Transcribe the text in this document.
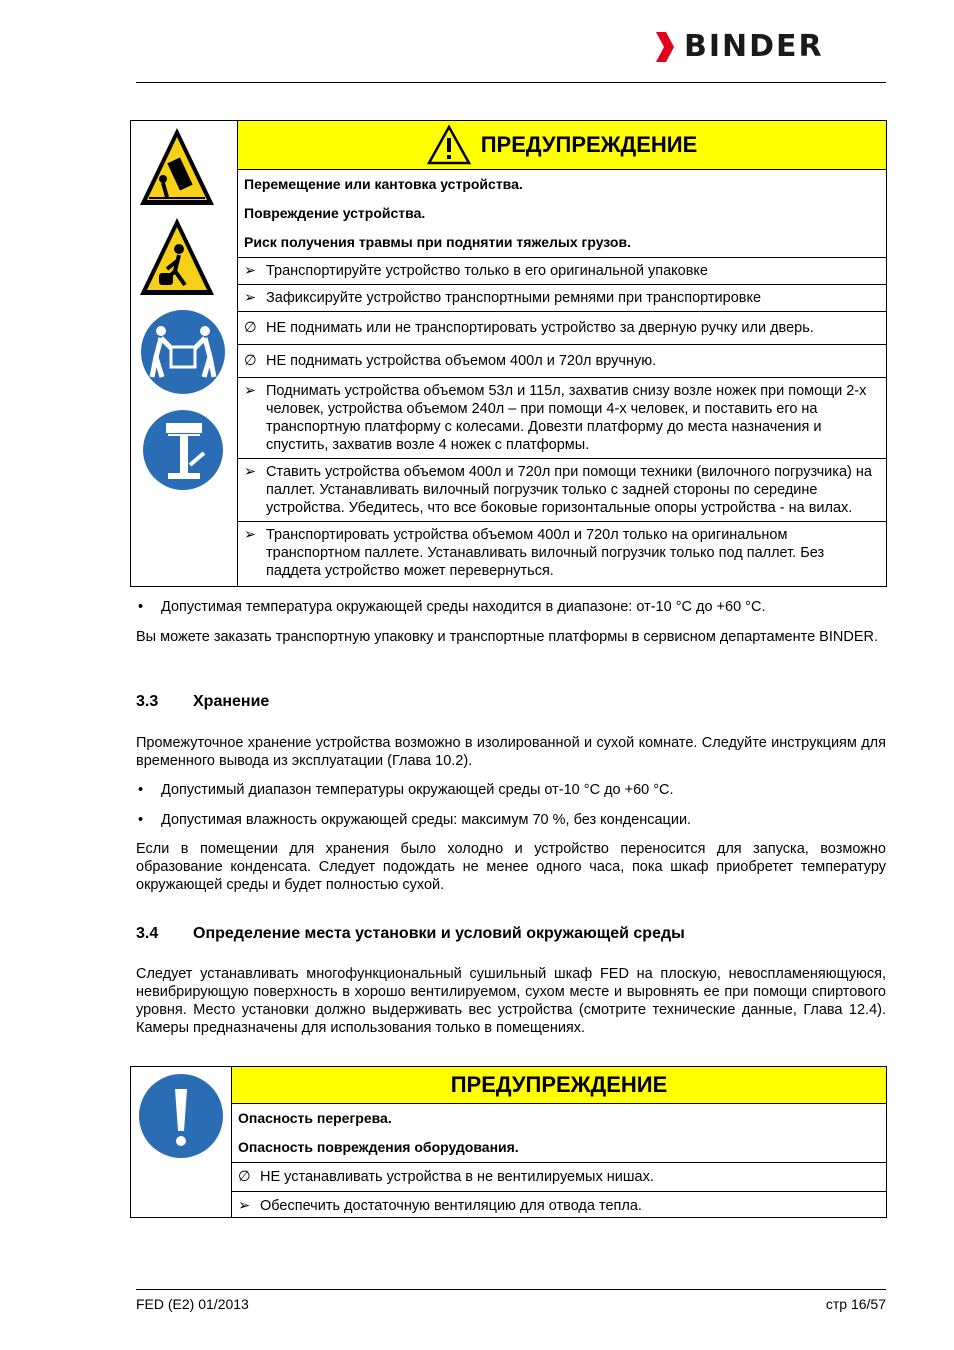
BINDER
ПРЕДУПРЕЖДЕНИЕ
Перемещение или кантовка устройства.
Повреждение устройства.
Риск получения травмы при поднятии тяжелых грузов.
➢ Транспортируйте устройство только в его оригинальной упаковке
➢ Зафиксируйте устройство транспортными ремнями при транспортировке
∅ НЕ поднимать или не транспортировать устройство за дверную ручку или дверь.
∅ НЕ поднимать устройства объемом 400л и 720л вручную.
➢ Поднимать устройства объемом 53л и 115л, захватив снизу возле ножек при помощи 2-х человек, устройства объемом 240л – при помощи 4-х человек, и поставить его на транспортную платформу с колесами. Довезти платформу до места назначения и спустить, захватив возле 4 ножек с платформы.
➢ Ставить устройства объемом 400л и 720л при помощи техники (вилочного погрузчика) на паллет. Устанавливать вилочный погрузчик только с задней стороны по середине устройства. Убедитесь, что все боковые горизонтальные опоры устройства - на вилах.
➢ Транспортировать устройства объемом 400л и 720л только на оригинальном транспортном паллете. Устанавливать вилочный погрузчик только под паллет. Без паддета устройство может перевернуться.
•	Допустимая температура окружающей среды находится в диапазоне: от-10 °C до +60 °C.
Вы можете заказать транспортную упаковку и транспортные платформы в сервисном департаменте BINDER.
3.3	Хранение
Промежуточное хранение устройства возможно в изолированной и сухой комнате. Следуйте инструкциям для временного вывода из эксплуатации (Глава 10.2).
•	Допустимый диапазон температуры окружающей среды от-10 °C до +60 °C.
•	Допустимая влажность окружающей среды: максимум 70 %, без конденсации.
Если в помещении для хранения было холодно и устройство переносится для запуска, возможно образование конденсата. Следует подождать не менее одного часа, пока шкаф приобретет температуру окружающей среды и будет полностью сухой.
3.4	Определение места установки и условий окружающей среды
Следует устанавливать многофункциональный сушильный шкаф FED на плоскую, невоспламеняющуюся, невибрирующую поверхность в хорошо вентилируемом, сухом месте и выровнять ее при помощи спиртового уровня. Место установки должно выдерживать вес устройства (смотрите технические данные, Глава 12.4). Камеры предназначены для использования только в помещениях.
ПРЕДУПРЕЖДЕНИЕ
Опасность перегрева.
Опасность повреждения оборудования.
∅ НЕ устанавливать устройства в не вентилируемых нишах.
➢ Обеспечить достаточную вентиляцию для отвода тепла.
FED (E2) 01/2013	стр 16/57
